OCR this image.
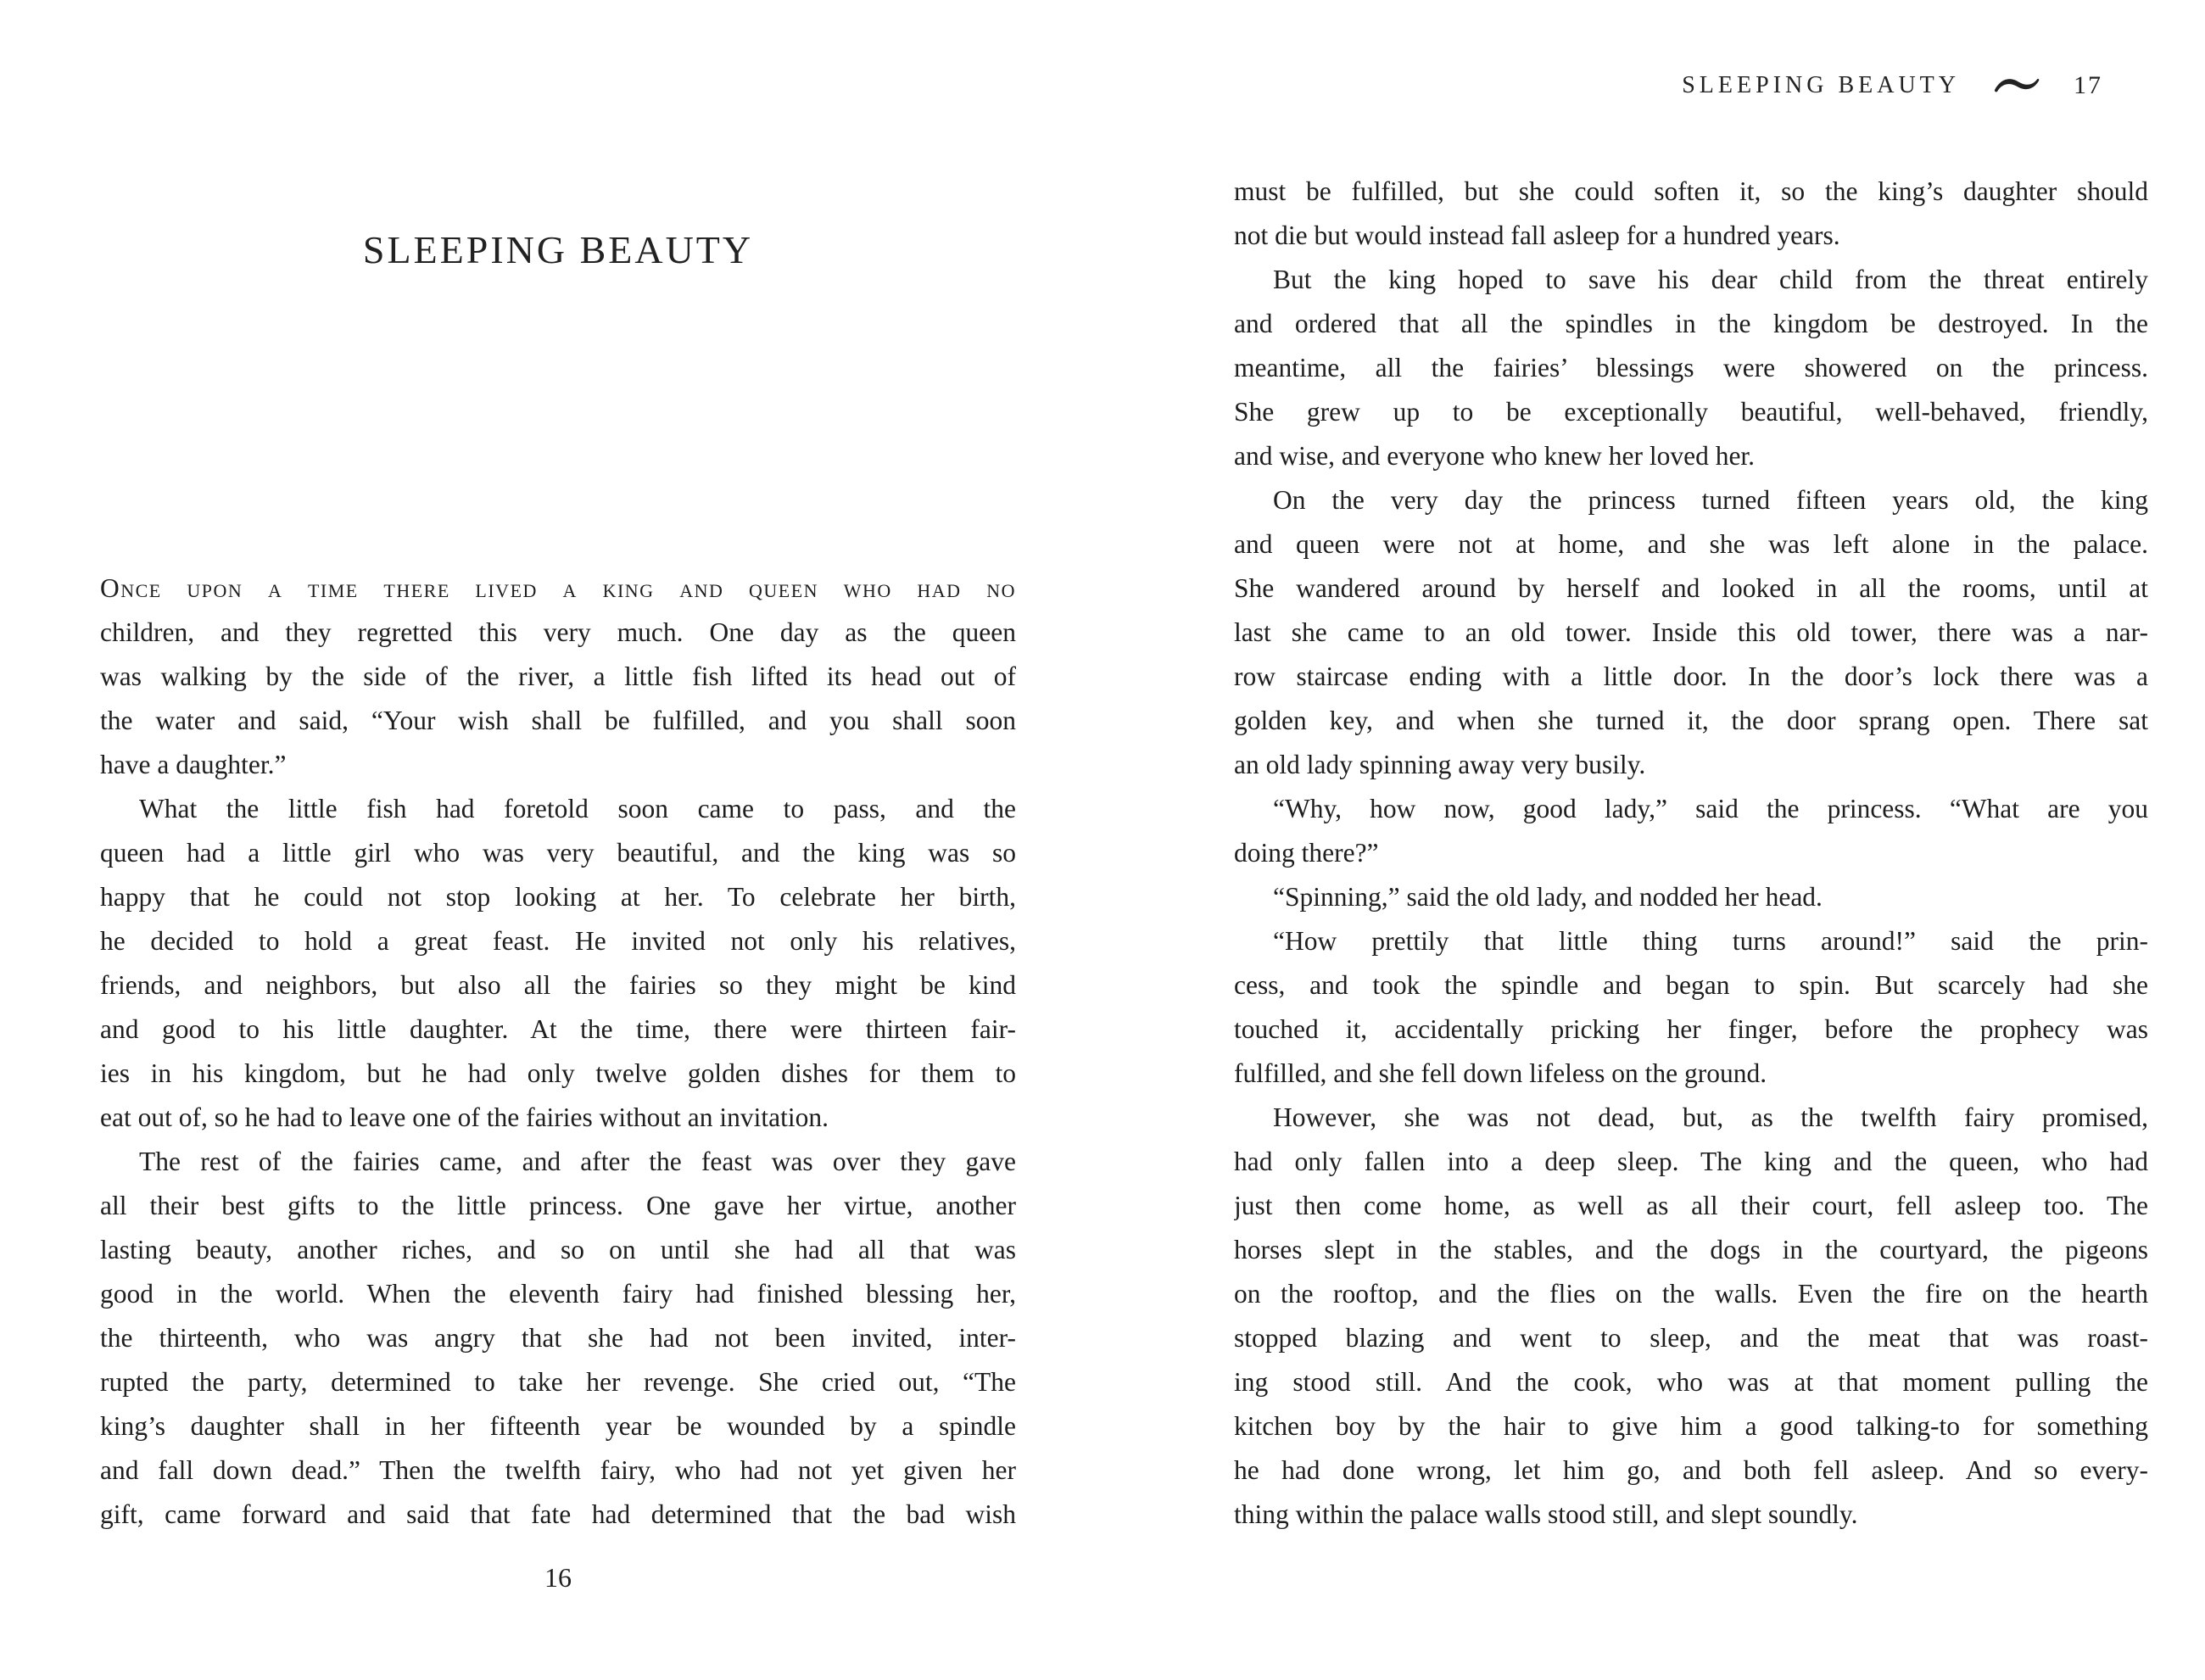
SLEEPING BEAUTY
Once upon a time there lived a king and queen who had no
children, and they regretted this very much. One day as the queen
was walking by the side of the river, a little fish lifted its head out of
the water and said, “Your wish shall be fulfilled, and you shall soon
have a daughter.”
What the little fish had foretold soon came to pass, and the
queen had a little girl who was very beautiful, and the king was so
happy that he could not stop looking at her. To celebrate her birth,
he decided to hold a great feast. He invited not only his relatives,
friends, and neighbors, but also all the fairies so they might be kind
and good to his little daughter. At the time, there were thirteen fair-
ies in his kingdom, but he had only twelve golden dishes for them to
eat out of, so he had to leave one of the fairies without an invitation.
The rest of the fairies came, and after the feast was over they gave
all their best gifts to the little princess. One gave her virtue, another
lasting beauty, another riches, and so on until she had all that was
good in the world. When the eleventh fairy had finished blessing her,
the thirteenth, who was angry that she had not been invited, inter-
rupted the party, determined to take her revenge. She cried out, “The
king’s daughter shall in her fifteenth year be wounded by a spindle
and fall down dead.” Then the twelfth fairy, who had not yet given her
gift, came forward and said that fate had determined that the bad wish
16
SLEEPING BEAUTY	17
must be fulfilled, but she could soften it, so the king’s daughter should
not die but would instead fall asleep for a hundred years.
But the king hoped to save his dear child from the threat entirely
and ordered that all the spindles in the kingdom be destroyed. In the
meantime, all the fairies’ blessings were showered on the princess.
She grew up to be exceptionally beautiful, well-behaved, friendly,
and wise, and everyone who knew her loved her.
On the very day the princess turned fifteen years old, the king
and queen were not at home, and she was left alone in the palace.
She wandered around by herself and looked in all the rooms, until at
last she came to an old tower. Inside this old tower, there was a nar-
row staircase ending with a little door. In the door’s lock there was a
golden key, and when she turned it, the door sprang open. There sat
an old lady spinning away very busily.
“Why, how now, good lady,” said the princess. “What are you
doing there?”
“Spinning,” said the old lady, and nodded her head.
“How prettily that little thing turns around!” said the prin-
cess, and took the spindle and began to spin. But scarcely had she
touched it, accidentally pricking her finger, before the prophecy was
fulfilled, and she fell down lifeless on the ground.
However, she was not dead, but, as the twelfth fairy promised,
had only fallen into a deep sleep. The king and the queen, who had
just then come home, as well as all their court, fell asleep too. The
horses slept in the stables, and the dogs in the courtyard, the pigeons
on the rooftop, and the flies on the walls. Even the fire on the hearth
stopped blazing and went to sleep, and the meat that was roast-
ing stood still. And the cook, who was at that moment pulling the
kitchen boy by the hair to give him a good talking-to for something
he had done wrong, let him go, and both fell asleep. And so every-
thing within the palace walls stood still, and slept soundly.
